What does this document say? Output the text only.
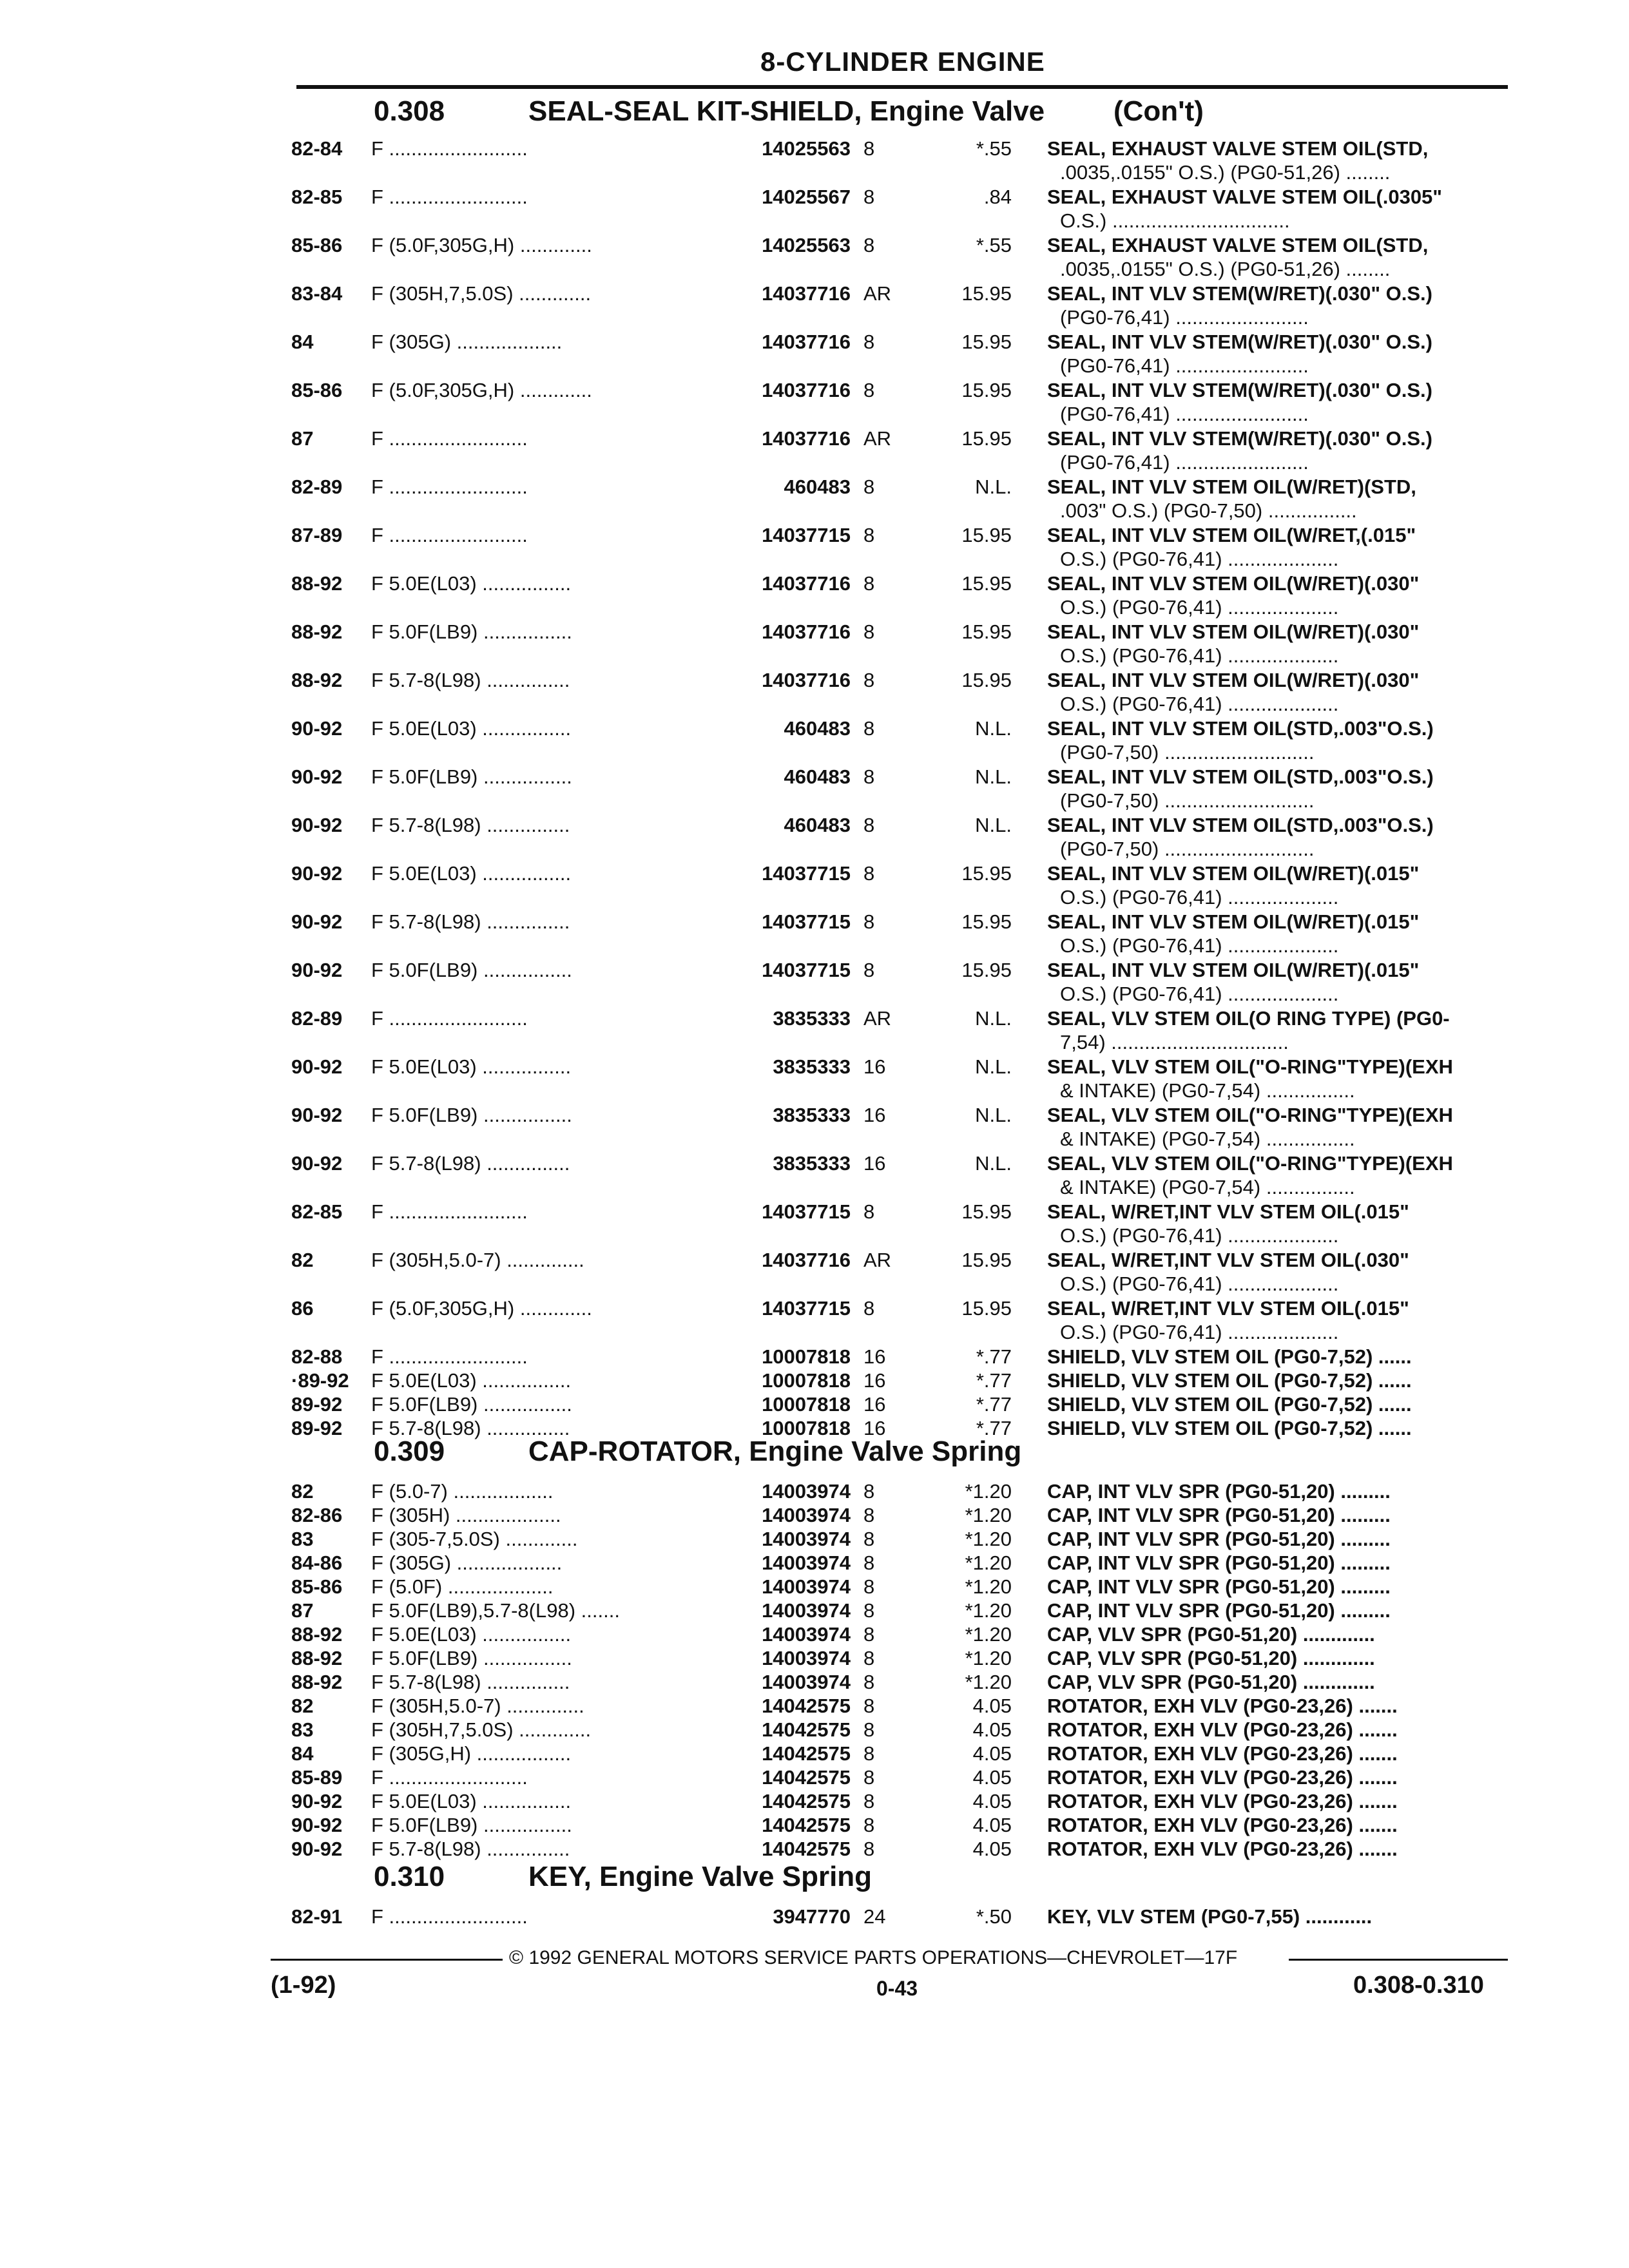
8-CYLINDER ENGINE
0.308	SEAL-SEAL KIT-SHIELD, Engine Valve (Con't)
82-84 F .........................	14025563 8	*.55 SEAL, EXHAUST VALVE STEM OIL(STD,
.0035,.0155" O.S.) (PG0-51,26) ........
82-85 F .........................	14025567 8	.84 SEAL, EXHAUST VALVE STEM OIL(.0305"
O.S.) ................................
85-86 F (5.0F,305G,H) .............	14025563 8	*.55 SEAL, EXHAUST VALVE STEM OIL(STD,
.0035,.0155" O.S.) (PG0-51,26) ........
83-84 F (305H,7,5.0S) .............	14037716 AR	15.95 SEAL, INT VLV STEM(W/RET)(.030" O.S.)
(PG0-76,41) ........................
84	F (305G) ...................	14037716 8	15.95 SEAL, INT VLV STEM(W/RET)(.030" O.S.)
(PG0-76,41) ........................
85-86 F (5.0F,305G,H) .............	14037716 8	15.95 SEAL, INT VLV STEM(W/RET)(.030" O.S.)
(PG0-76,41) ........................
87	F .........................	14037716 AR	15.95 SEAL, INT VLV STEM(W/RET)(.030" O.S.)
(PG0-76,41) ........................
82-89 F .........................	460483 8	N.L. SEAL, INT VLV STEM OIL(W/RET)(STD,
.003" O.S.) (PG0-7,50) ................
87-89 F .........................	14037715 8	15.95 SEAL, INT VLV STEM OIL(W/RET,(.015"
O.S.) (PG0-76,41) ....................
88-92 F 5.0E(L03) ................	14037716 8	15.95 SEAL, INT VLV STEM OIL(W/RET)(.030"
O.S.) (PG0-76,41) ....................
88-92 F 5.0F(LB9) ................	14037716 8	15.95 SEAL, INT VLV STEM OIL(W/RET)(.030"
O.S.) (PG0-76,41) ....................
88-92 F 5.7-8(L98) ...............	14037716 8	15.95 SEAL, INT VLV STEM OIL(W/RET)(.030"
O.S.) (PG0-76,41) ....................
90-92 F 5.0E(L03) ................	460483 8	N.L. SEAL, INT VLV STEM OIL(STD,.003"O.S.)
(PG0-7,50) ...........................
90-92 F 5.0F(LB9) ................	460483 8	N.L. SEAL, INT VLV STEM OIL(STD,.003"O.S.)
(PG0-7,50) ...........................
90-92 F 5.7-8(L98) ...............	460483 8	N.L. SEAL, INT VLV STEM OIL(STD,.003"O.S.)
(PG0-7,50) ...........................
90-92 F 5.0E(L03) ................	14037715 8	15.95 SEAL, INT VLV STEM OIL(W/RET)(.015"
O.S.) (PG0-76,41) ....................
90-92 F 5.7-8(L98) ...............	14037715 8	15.95 SEAL, INT VLV STEM OIL(W/RET)(.015"
O.S.) (PG0-76,41) ....................
90-92 F 5.0F(LB9) ................	14037715 8	15.95 SEAL, INT VLV STEM OIL(W/RET)(.015"
O.S.) (PG0-76,41) ....................
82-89 F .........................	3835333 AR	N.L. SEAL, VLV STEM OIL(O RING TYPE) (PG0-
7,54) ................................
90-92 F 5.0E(L03) ................	3835333 16	N.L. SEAL, VLV STEM OIL("O-RING"TYPE)(EXH
& INTAKE) (PG0-7,54) ................
90-92 F 5.0F(LB9) ................	3835333 16	N.L. SEAL, VLV STEM OIL("O-RING"TYPE)(EXH
& INTAKE) (PG0-7,54) ................
90-92 F 5.7-8(L98) ...............	3835333 16	N.L. SEAL, VLV STEM OIL("O-RING"TYPE)(EXH
& INTAKE) (PG0-7,54) ................
82-85 F .........................	14037715 8	15.95 SEAL, W/RET,INT VLV STEM OIL(.015"
O.S.) (PG0-76,41) ....................
82	F (305H,5.0-7) ..............	14037716 AR	15.95 SEAL, W/RET,INT VLV STEM OIL(.030"
O.S.) (PG0-76,41) ....................
86	F (5.0F,305G,H) .............	14037715 8	15.95 SEAL, W/RET,INT VLV STEM OIL(.015"
O.S.) (PG0-76,41) ....................
82-88 F .........................	10007818 16	*.77 SHIELD, VLV STEM OIL (PG0-7,52) ......
·89-92 F 5.0E(L03) ................	10007818 16	*.77 SHIELD, VLV STEM OIL (PG0-7,52) ......
89-92 F 5.0F(LB9) ................	10007818 16	*.77 SHIELD, VLV STEM OIL (PG0-7,52) ......
89-92 F 5.7-8(L98) ...............	10007818 16	*.77 SHIELD, VLV STEM OIL (PG0-7,52) ......
0.309	CAP-ROTATOR, Engine Valve Spring
82	F (5.0-7) ..................	14003974 8	*1.20 CAP, INT VLV SPR (PG0-51,20) .........
82-86 F (305H) ...................	14003974 8	*1.20 CAP, INT VLV SPR (PG0-51,20) .........
83	F (305-7,5.0S) .............	14003974 8	*1.20 CAP, INT VLV SPR (PG0-51,20) .........
84-86 F (305G) ...................	14003974 8	*1.20 CAP, INT VLV SPR (PG0-51,20) .........
85-86 F (5.0F) ...................	14003974 8	*1.20 CAP, INT VLV SPR (PG0-51,20) .........
87	F 5.0F(LB9),5.7-8(L98) .......	14003974 8	*1.20 CAP, INT VLV SPR (PG0-51,20) .........
88-92 F 5.0E(L03) ................	14003974 8	*1.20 CAP, VLV SPR (PG0-51,20) .............
88-92 F 5.0F(LB9) ................	14003974 8	*1.20 CAP, VLV SPR (PG0-51,20) .............
88-92 F 5.7-8(L98) ...............	14003974 8	*1.20 CAP, VLV SPR (PG0-51,20) .............
82	F (305H,5.0-7) ..............	14042575 8	4.05 ROTATOR, EXH VLV (PG0-23,26) .......
83	F (305H,7,5.0S) .............	14042575 8	4.05 ROTATOR, EXH VLV (PG0-23,26) .......
84	F (305G,H) .................	14042575 8	4.05 ROTATOR, EXH VLV (PG0-23,26) .......
85-89 F .........................	14042575 8	4.05 ROTATOR, EXH VLV (PG0-23,26) .......
90-92 F 5.0E(L03) ................	14042575 8	4.05 ROTATOR, EXH VLV (PG0-23,26) .......
90-92 F 5.0F(LB9) ................	14042575 8	4.05 ROTATOR, EXH VLV (PG0-23,26) .......
90-92 F 5.7-8(L98) ...............	14042575 8	4.05 ROTATOR, EXH VLV (PG0-23,26) .......
0.310	KEY, Engine Valve Spring
82-91 F .........................	3947770 24	*.50 KEY, VLV STEM (PG0-7,55) ............
© 1992 GENERAL MOTORS SERVICE PARTS OPERATIONS—CHEVROLET—17F
(1-92)	0-43	0.308-0.310
